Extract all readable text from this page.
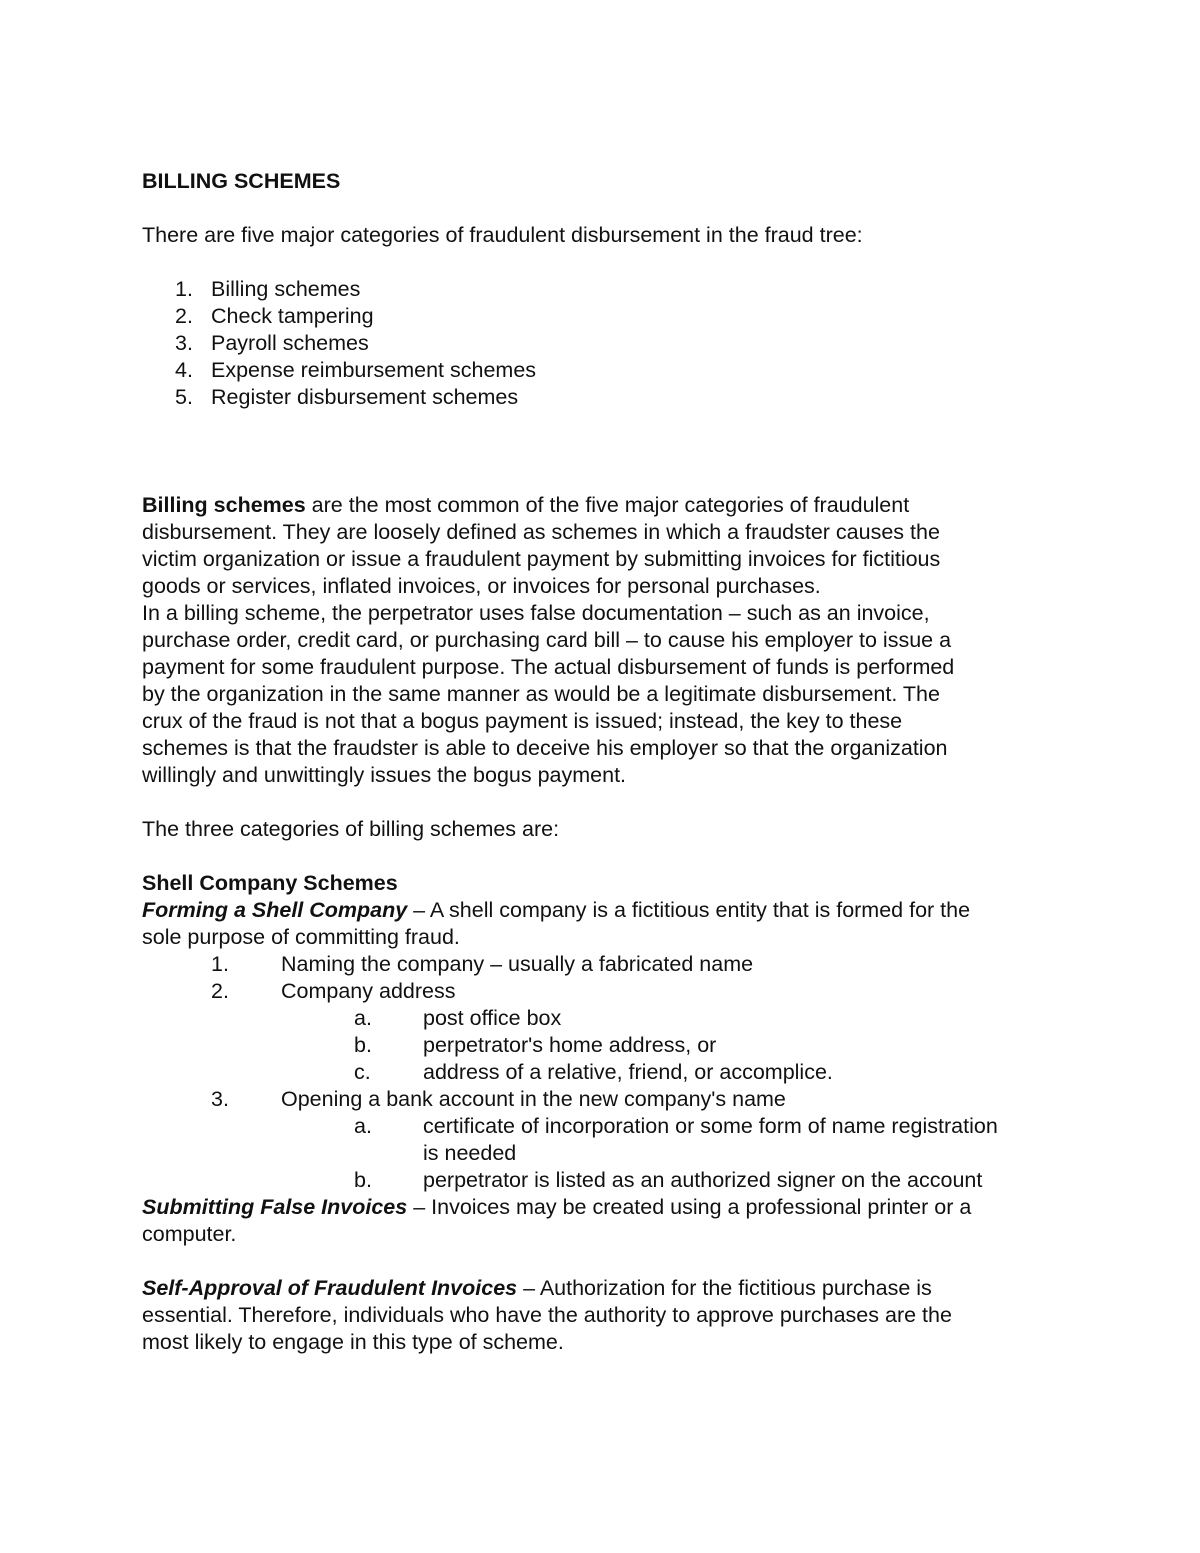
BILLING SCHEMES

There are five major categories of fraudulent disbursement in the fraud tree:

1. Billing schemes
2. Check tampering
3. Payroll schemes
4. Expense reimbursement schemes
5. Register disbursement schemes

Billing schemes are the most common of the five major categories of fraudulent

disbursement. They are loosely defined as schemes in which a fraudster causes the

victim organization or issue a fraudulent payment by submitting invoices for fictitious

goods or services, inflated invoices, or invoices for personal purchases.

In a billing scheme, the perpetrator uses false documentation – such as an invoice,

purchase order, credit card, or purchasing card bill – to cause his employer to issue a

payment for some fraudulent purpose. The actual disbursement of funds is performed

by the organization in the same manner as would be a legitimate disbursement. The

crux of the fraud is not that a bogus payment is issued; instead, the key to these

schemes is that the fraudster is able to deceive his employer so that the organization

willingly and unwittingly issues the bogus payment.

The three categories of billing schemes are:

Shell Company Schemes

Forming a Shell Company – A shell company is a fictitious entity that is formed for the

sole purpose of committing fraud.

1. Naming the company – usually a fabricated name

2. Company address

a. post office box

b. perpetrator's home address, or

c. address of a relative, friend, or accomplice.

3. Opening a bank account in the new company's name

a. certificate of incorporation or some form of name registration

is needed

b. perpetrator is listed as an authorized signer on the account

Submitting False Invoices – Invoices may be created using a professional printer or a

computer.

Self-Approval of Fraudulent Invoices – Authorization for the fictitious purchase is

essential. Therefore, individuals who have the authority to approve purchases are the

most likely to engage in this type of scheme.
